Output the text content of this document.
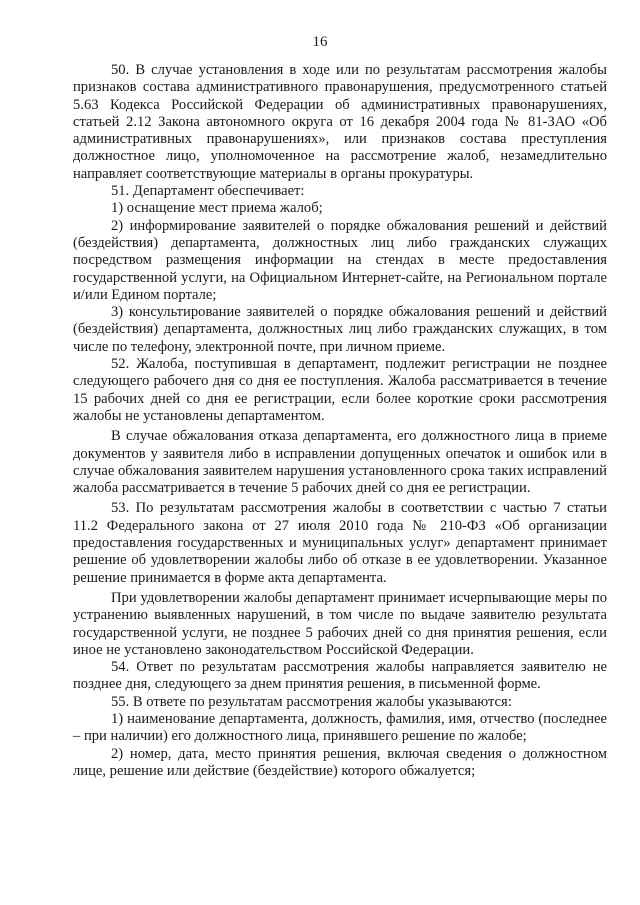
16

50. В случае установления в ходе или по результатам рассмотрения жалобы признаков состава административного правонарушения, предусмотренного статьей 5.63 Кодекса Российской Федерации об административных правонарушениях, статьей 2.12 Закона автономного округа от 16 декабря 2004 года № 81-ЗАО «Об административных правонарушениях», или признаков состава преступления должностное лицо, уполномоченное на рассмотрение жалоб, незамедлительно направляет соответствующие материалы в органы прокуратуры.

51. Департамент обеспечивает:

1) оснащение мест приема жалоб;

2) информирование заявителей о порядке обжалования решений и действий (бездействия) департамента, должностных лиц либо гражданских служащих посредством размещения информации на стендах в месте предоставления государственной услуги, на Официальном Интернет-сайте, на Региональном портале и/или Едином портале;

3) консультирование заявителей о порядке обжалования решений и действий (бездействия) департамента, должностных лиц либо гражданских служащих, в том числе по телефону, электронной почте, при личном приеме.

52. Жалоба, поступившая в департамент, подлежит регистрации не позднее следующего рабочего дня со дня ее поступления. Жалоба рассматривается в течение 15 рабочих дней со дня ее регистрации, если более короткие сроки рассмотрения жалобы не установлены департаментом.

В случае обжалования отказа департамента, его должностного лица в приеме документов у заявителя либо в исправлении допущенных опечаток и ошибок или в случае обжалования заявителем нарушения установленного срока таких исправлений жалоба рассматривается в течение 5 рабочих дней со дня ее регистрации.

53. По результатам рассмотрения жалобы в соответствии с частью 7 статьи 11.2 Федерального закона от 27 июля 2010 года № 210-ФЗ «Об организации предоставления государственных и муниципальных услуг» департамент принимает решение об удовлетворении жалобы либо об отказе в ее удовлетворении. Указанное решение принимается в форме акта департамента.

При удовлетворении жалобы департамент принимает исчерпывающие меры по устранению выявленных нарушений, в том числе по выдаче заявителю результата государственной услуги, не позднее 5 рабочих дней со дня принятия решения, если иное не установлено законодательством Российской Федерации.

54. Ответ по результатам рассмотрения жалобы направляется заявителю не позднее дня, следующего за днем принятия решения, в письменной форме.

55. В ответе по результатам рассмотрения жалобы указываются:

1) наименование департамента, должность, фамилия, имя, отчество (последнее – при наличии) его должностного лица, принявшего решение по жалобе;

2) номер, дата, место принятия решения, включая сведения о должностном лице, решение или действие (бездействие) которого обжалуется;
